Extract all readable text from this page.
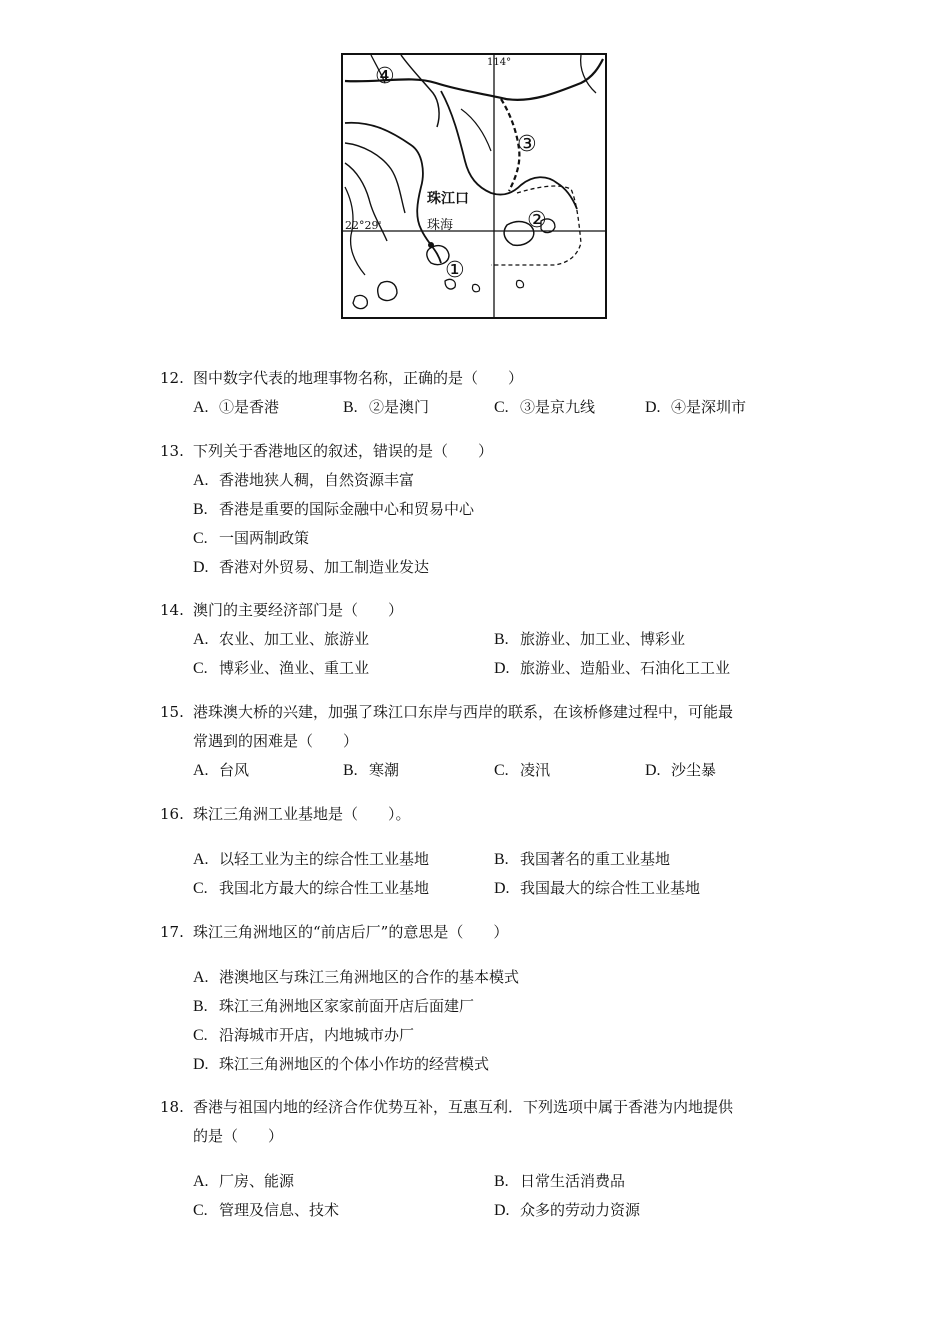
114°
22°29'
珠江口
珠海
①
②
③
④
12. 图中数字代表的地理事物名称，正确的是（　　）
A. ①是香港	B. ②是澳门	C. ③是京九线	D. ④是深圳市
13. 下列关于香港地区的叙述，错误的是（　　）
A. 香港地狭人稠，自然资源丰富
B. 香港是重要的国际金融中心和贸易中心
C. 一国两制政策
D. 香港对外贸易、加工制造业发达
14. 澳门的主要经济部门是（　　）
A. 农业、加工业、旅游业	B. 旅游业、加工业、博彩业
C. 博彩业、渔业、重工业	D. 旅游业、造船业、石油化工工业
15. 港珠澳大桥的兴建，加强了珠江口东岸与西岸的联系，在该桥修建过程中，可能最
常遇到的困难是（　　）
A. 台风	B. 寒潮	C. 凌汛	D. 沙尘暴
16. 珠江三角洲工业基地是（　　）。
A. 以轻工业为主的综合性工业基地	B. 我国著名的重工业基地
C. 我国北方最大的综合性工业基地	D. 我国最大的综合性工业基地
17. 珠江三角洲地区的“前店后厂”的意思是（　　）
A. 港澳地区与珠江三角洲地区的合作的基本模式
B. 珠江三角洲地区家家前面开店后面建厂
C. 沿海城市开店，内地城市办厂
D. 珠江三角洲地区的个体小作坊的经营模式
18. 香港与祖国内地的经济合作优势互补，互惠互利．下列选项中属于香港为内地提供
的是（　　）
A. 厂房、能源	B. 日常生活消费品
C. 管理及信息、技术	D. 众多的劳动力资源
